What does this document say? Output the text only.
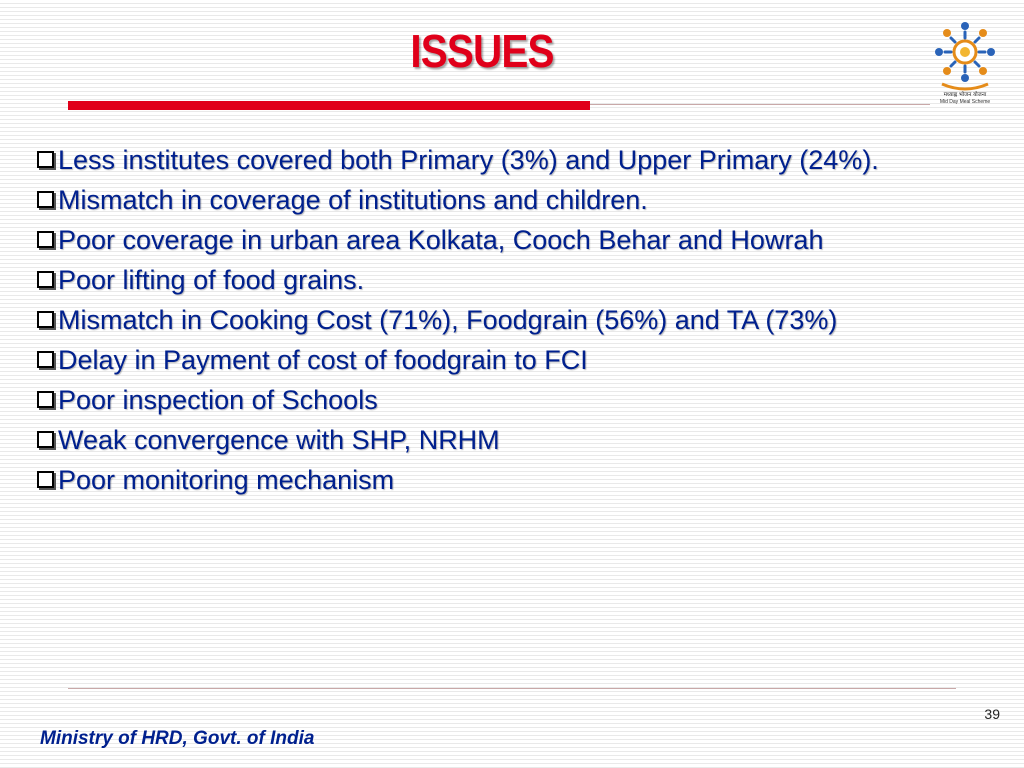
ISSUES
मध्याह्न भोजन योजना
Mid Day Meal Scheme

Less institutes covered both Primary (3%) and Upper Primary (24%).

Mismatch in coverage of institutions and children.

Poor coverage in urban area Kolkata, Cooch Behar and Howrah

Poor lifting of food grains.

Mismatch in Cooking Cost (71%), Foodgrain (56%) and TA (73%)

Delay in Payment of cost of foodgrain to FCI

Poor inspection of Schools

Weak convergence with SHP, NRHM

Poor monitoring mechanism

39
Ministry of HRD, Govt. of India
